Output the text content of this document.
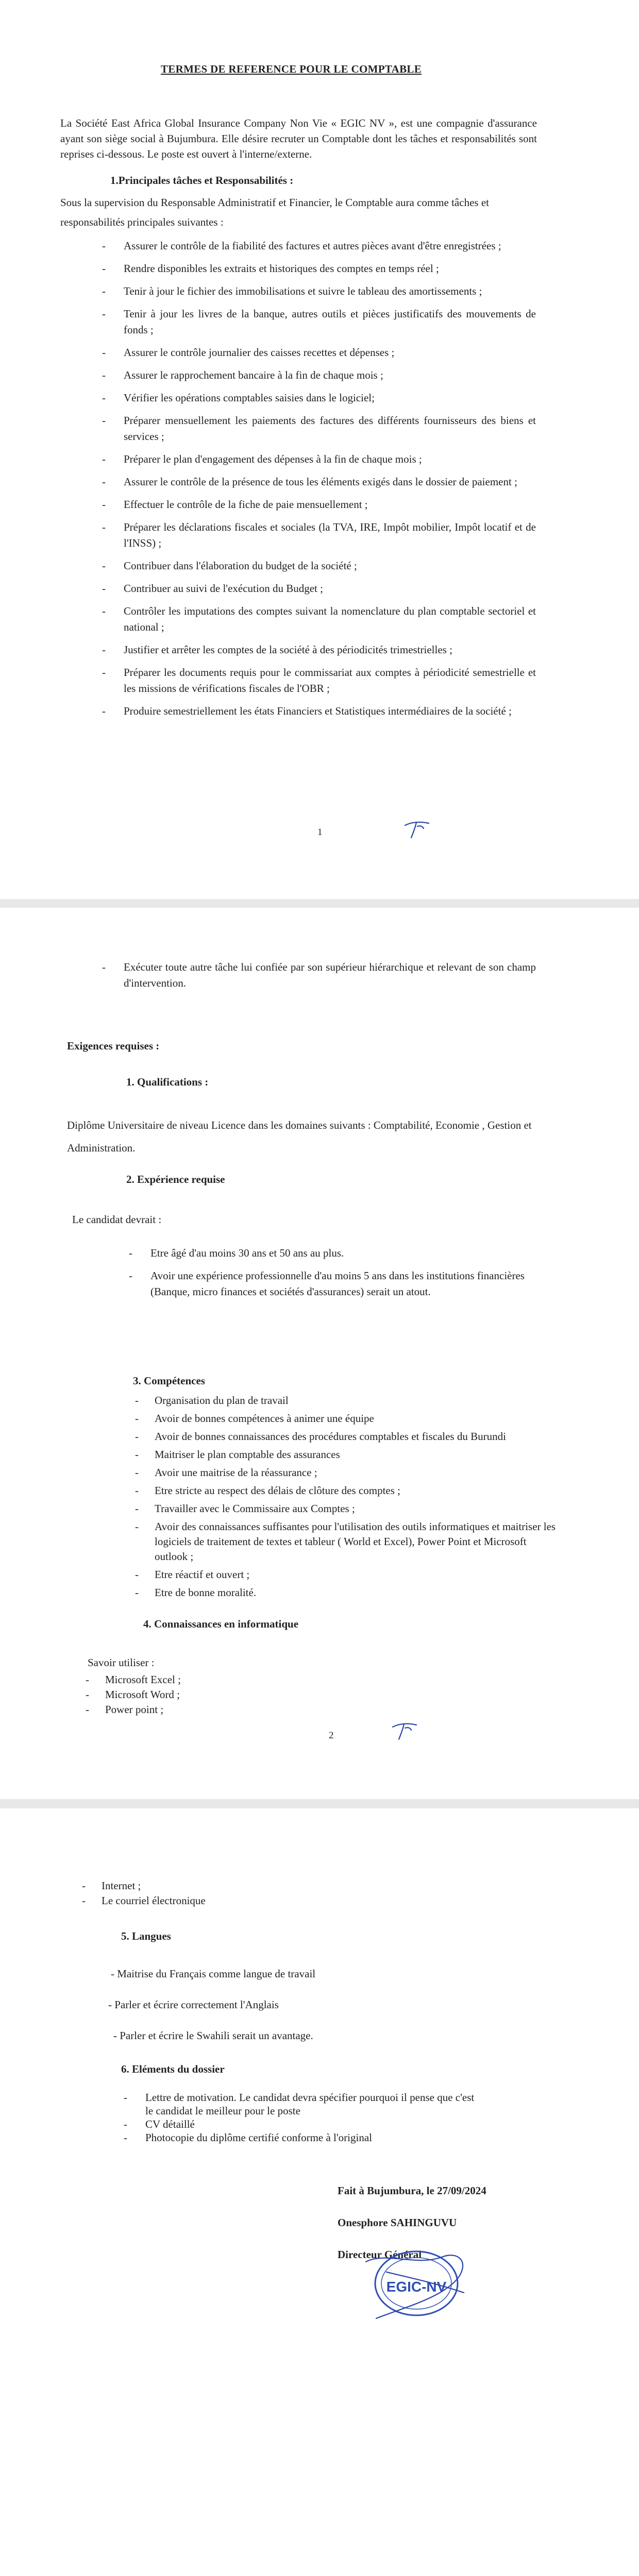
TERMES DE REFERENCE POUR LE COMPTABLE
La Société East Africa Global Insurance Company Non Vie « EGIC NV », est une compagnie d'assurance ayant son siège social à Bujumbura. Elle désire recruter un Comptable dont les tâches et responsabilités sont reprises ci-dessous. Le poste est ouvert à l'interne/externe.
1.Principales tâches et Responsabilités :
Sous la supervision du Responsable Administratif et Financier, le Comptable aura comme tâches et responsabilités principales suivantes :
- Assurer le contrôle de la fiabilité des factures et autres pièces avant d'être enregistrées ;
- Rendre disponibles les extraits et historiques des comptes en temps réel ;
- Tenir à jour le fichier des immobilisations et suivre le tableau des amortissements ;
- Tenir à jour les livres de la banque, autres outils et pièces justificatifs des mouvements de fonds ;
- Assurer le contrôle journalier des caisses recettes et dépenses ;
- Assurer le rapprochement bancaire à la fin de chaque mois ;
- Vérifier les opérations comptables saisies dans le logiciel;
- Préparer mensuellement les paiements des factures des différents fournisseurs des biens et services ;
- Préparer le plan d'engagement des dépenses à la fin de chaque mois ;
- Assurer le contrôle de la présence de tous les éléments exigés dans le dossier de paiement ;
- Effectuer le contrôle de la fiche de paie mensuellement ;
- Préparer les déclarations fiscales et sociales (la TVA, IRE, Impôt mobilier, Impôt locatif et de l'INSS) ;
- Contribuer dans l'élaboration du budget de la société ;
- Contribuer au suivi de l'exécution du Budget ;
- Contrôler les imputations des comptes suivant la nomenclature du plan comptable sectoriel et national ;
- Justifier et arrêter les comptes de la société à des périodicités trimestrielles ;
- Préparer les documents requis pour le commissariat aux comptes à périodicité semestrielle et les missions de vérifications fiscales de l'OBR ;
- Produire semestriellement les états Financiers et Statistiques intermédiaires de la société ;
1
- Exécuter toute autre tâche lui confiée par son supérieur hiérarchique et relevant de son champ d'intervention.
Exigences requises :
1. Qualifications :
Diplôme Universitaire de niveau Licence dans les domaines suivants : Comptabilité, Economie , Gestion et Administration.
2. Expérience requise
Le candidat devrait :
- Etre âgé d'au moins 30 ans et 50 ans au plus.
- Avoir une expérience professionnelle d'au moins 5 ans dans les institutions financières (Banque, micro finances et sociétés d'assurances) serait un atout.
3. Compétences
- Organisation du plan de travail
- Avoir de bonnes compétences à animer une équipe
- Avoir de bonnes connaissances des procédures comptables et fiscales du Burundi
- Maitriser le plan comptable des assurances
- Avoir une maitrise de la réassurance ;
- Etre stricte au respect des délais de clôture des comptes ;
- Travailler avec le Commissaire aux Comptes ;
- Avoir des connaissances suffisantes pour l'utilisation des outils informatiques et maitriser les logiciels de traitement de textes et tableur ( World et Excel), Power Point et Microsoft outlook ;
- Etre réactif et ouvert ;
- Etre de bonne moralité.
4. Connaissances en informatique
Savoir utiliser :
- Microsoft Excel ;
- Microsoft Word ;
- Power point ;
2
- Internet ;
- Le courriel électronique
5. Langues
- Maitrise du Français comme langue de travail
- Parler et écrire correctement l'Anglais
- Parler et écrire le Swahili serait un avantage.
6. Eléments du dossier
- Lettre de motivation. Le candidat devra spécifier pourquoi il pense que c'est le candidat le meilleur pour le poste
- CV détaillé
- Photocopie du diplôme certifié conforme à l'original
Fait à Bujumbura, le 27/09/2024
Onesphore SAHINGUVU
Directeur Général
EGIC-NV
